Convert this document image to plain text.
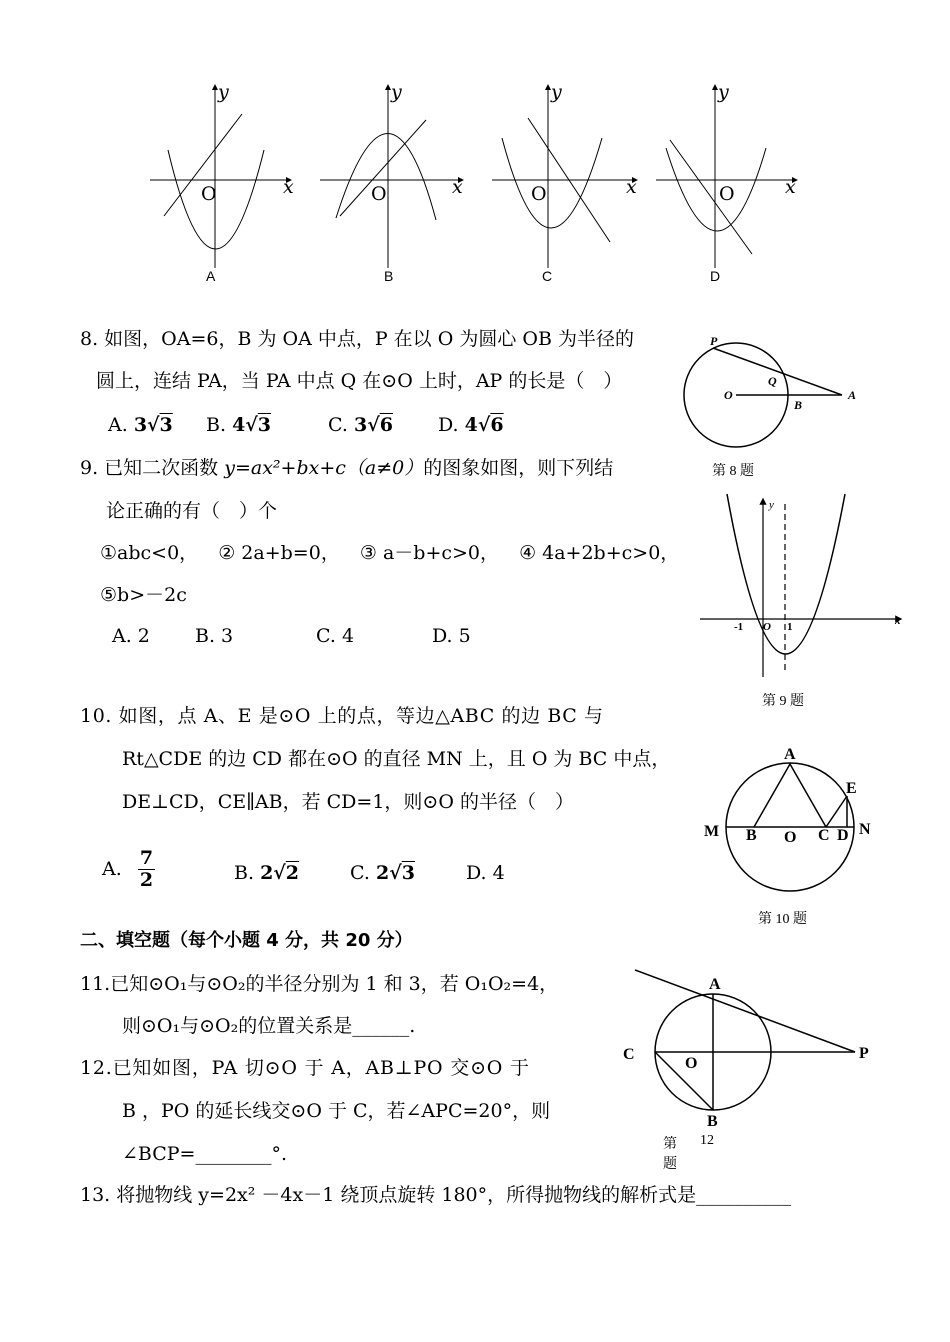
y
x
O
A
y
x
O
B
y
x
O
C
y
x
O
D
8. 如图，OA=6，B 为 OA 中点，P 在以 O 为圆心 OB 为半径的
圆上，连结 PA，当 PA 中点 Q 在⊙O 上时，AP 的长是（　）
A. 3√3 B. 4√3	C. 3√6 D. 4√6
P
O
Q
B
A
第 8 题
9. 已知二次函数 y=ax²+bx+c（a≠0）的图象如图，则下列结
论正确的有（　）个
①abc<0， ② 2a+b=0， ③ a－b+c>0， ④ 4a+2b+c>0，
⑤b>－2c
A. 2 B. 3	C. 4	D. 5
y
x
-1 O 1
第 9 题
10. 如图，点 A、E 是⊙O 上的点，等边△ABC 的边 BC 与
Rt△CDE 的边 CD 都在⊙O 的直径 MN 上，且 O 为 BC 中点，
DE⊥CD，CE∥AB，若 CD=1，则⊙O 的半径（　）
A. $\frac{7}{2}$	B. 2√2	C. 2√3	D. 4
A
E
M B O C D N
第 10 题
二、填空题（每个小题 4 分，共 20 分）
11.已知⊙O₁与⊙O₂的半径分别为 1 和 3，若 O₁O₂=4，
则⊙O₁与⊙O₂的位置关系是______.
12.已知如图，PA 切⊙O 于 A，AB⊥PO 交⊙O 于
B ，PO 的延长线交⊙O 于 C，若∠APC=20°，则
∠BCP=________°.
A
C
O
P
B
第 12
题
13. 将抛物线 y=2x² －4x－1 绕顶点旋转 180°，所得抛物线的解析式是__________
